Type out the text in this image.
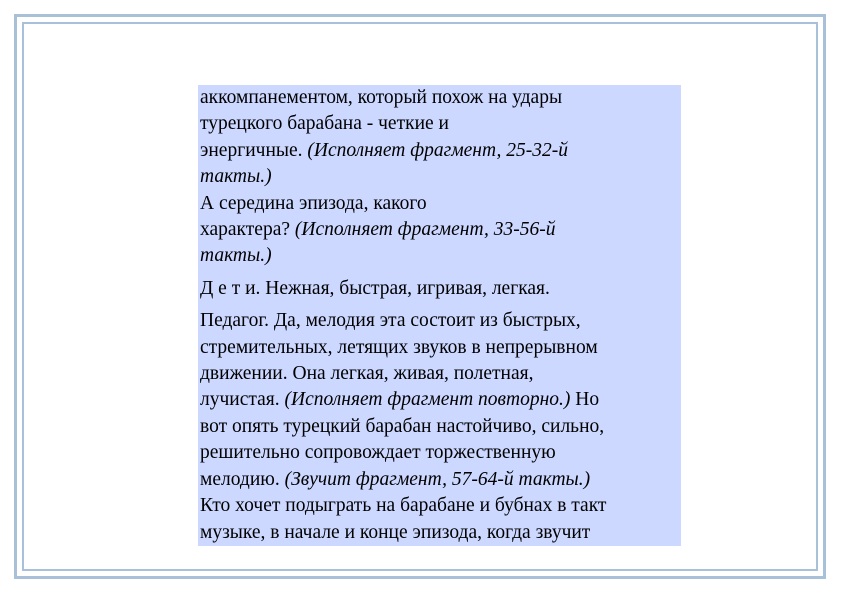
аккомпанементом, который похож на удары
турецкого барабана - четкие и
энергичные. (Исполняет фрагмент, 25-32-й
такты.)
А середина эпизода, какого
характера? (Исполняет фрагмент, 33-56-й
такты.)
Д е т и. Нежная, быстрая, игривая, легкая.
Педагог. Да, мелодия эта состоит из быстрых,
стремительных, летящих звуков в непрерывном
движении. Она легкая, живая, полетная,
лучистая. (Исполняет фрагмент повторно.) Но
вот опять турецкий барабан настойчиво, сильно,
решительно сопровождает торжественную
мелодию. (Звучит фрагмент, 57-64-й такты.)
Кто хочет подыграть на барабане и бубнах в такт
музыке, в начале и конце эпизода, когда звучит
